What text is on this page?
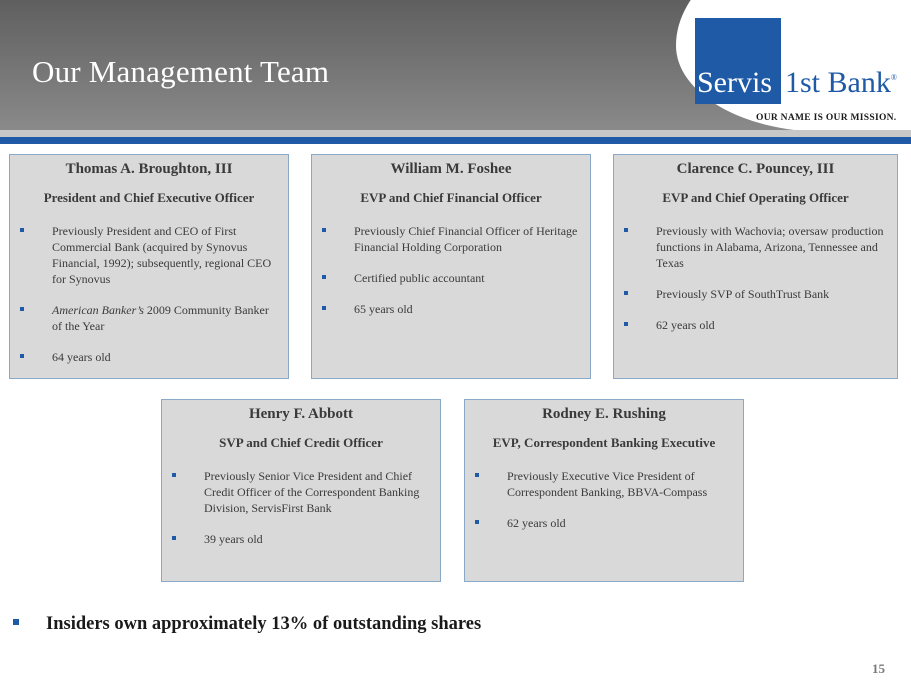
Our Management Team	Servis 1st Bank®
OUR NAME IS OUR MISSION.
Thomas A. Broughton, III
President and Chief Executive Officer
Previously President and CEO of First Commercial Bank (acquired by Synovus Financial, 1992); subsequently, regional CEO for Synovus
American Banker’s 2009 Community Banker of the Year
64 years old
William M. Foshee
EVP and Chief Financial Officer
Previously Chief Financial Officer of Heritage Financial Holding Corporation
Certified public accountant
65 years old
Clarence C. Pouncey, III
EVP and Chief Operating Officer
Previously with Wachovia; oversaw production functions in Alabama, Arizona, Tennessee and Texas
Previously SVP of SouthTrust Bank
62 years old
Henry F. Abbott
SVP and Chief Credit Officer
Previously Senior Vice President and Chief Credit Officer of the Correspondent Banking Division, ServisFirst Bank
39 years old
Rodney E. Rushing
EVP, Correspondent Banking Executive
Previously Executive Vice President of Correspondent Banking, BBVA-Compass
62 years old
Insiders own approximately 13% of outstanding shares
15
